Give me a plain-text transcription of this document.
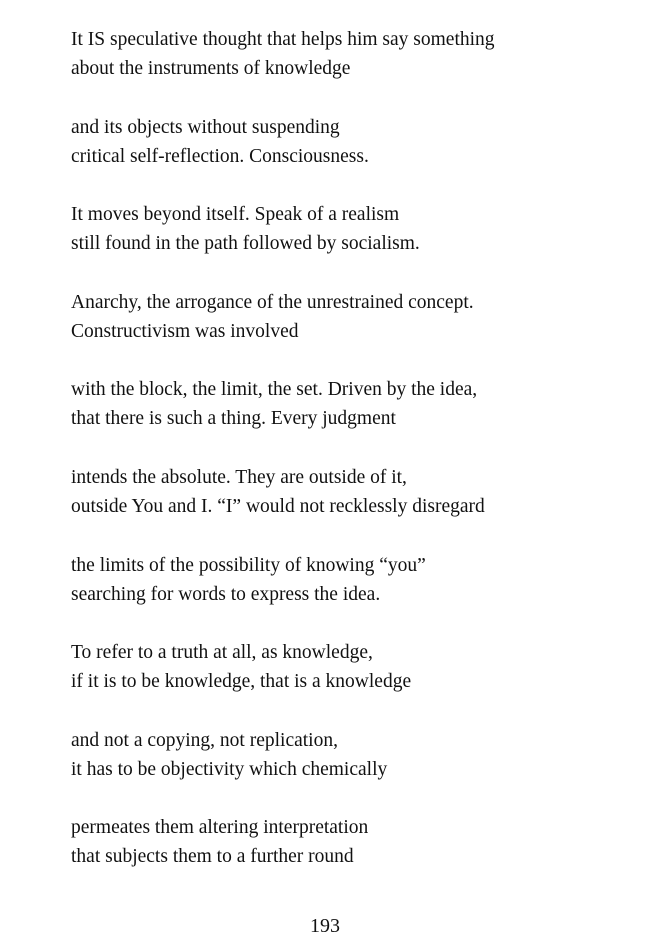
It IS speculative thought that helps him say something
about the instruments of knowledge

and its objects without suspending
critical self-reflection. Consciousness.

It moves beyond itself. Speak of a realism
still found in the path followed by socialism.

Anarchy, the arrogance of the unrestrained concept.
Constructivism was involved

with the block, the limit, the set. Driven by the idea,
that there is such a thing. Every judgment

intends the absolute. They are outside of it,
outside You and I. “I” would not recklessly disregard

the limits of the possibility of knowing “you”
searching for words to express the idea.

To refer to a truth at all, as knowledge,
if it is to be knowledge, that is a knowledge

and not a copying, not replication,
it has to be objectivity which chemically

permeates them altering interpretation
that subjects them to a further round

193
